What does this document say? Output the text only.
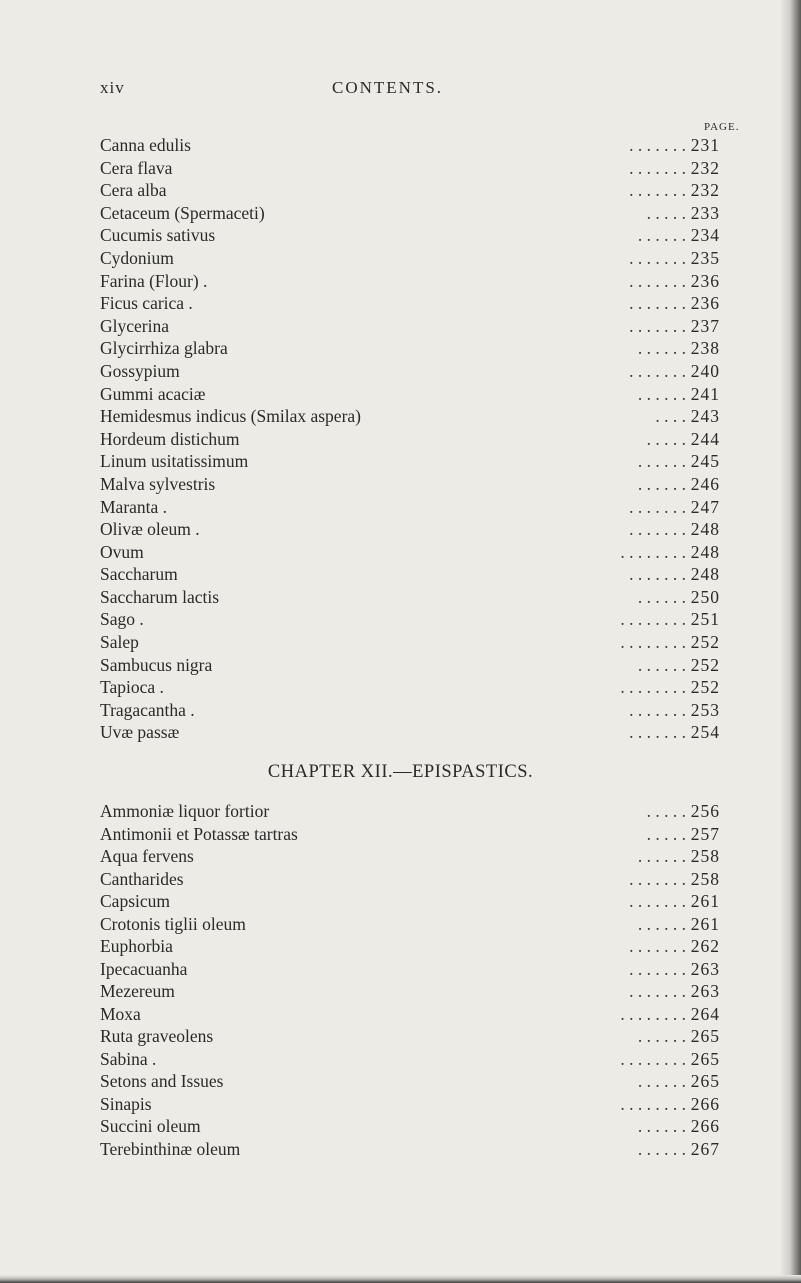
xiv	CONTENTS.
PAGE.
Canna edulis	. . . . . . . 231
Cera flava	. . . . . . . 232
Cera alba	. . . . . . . 232
Cetaceum (Spermaceti)	. . . . . 233
Cucumis sativus	. . . . . . 234
Cydonium	. . . . . . . 235
Farina (Flour) .	. . . . . . . 236
Ficus carica .	. . . . . . . 236
Glycerina	. . . . . . . 237
Glycirrhiza glabra	. . . . . . 238
Gossypium	. . . . . . . 240
Gummi acaciæ	. . . . . . 241
Hemidesmus indicus (Smilax aspera)	. . . . 243
Hordeum distichum	. . . . . 244
Linum usitatissimum	. . . . . . 245
Malva sylvestris	. . . . . . 246
Maranta .	. . . . . . . 247
Olivæ oleum .	. . . . . . . 248
Ovum	. . . . . . . . 248
Saccharum	. . . . . . . 248
Saccharum lactis	. . . . . . 250
Sago .	. . . . . . . . 251
Salep	. . . . . . . . 252
Sambucus nigra	. . . . . . 252
Tapioca .	. . . . . . . . 252
Tragacantha .	. . . . . . . 253
Uvæ passæ	. . . . . . . 254
CHAPTER XII.—EPISPASTICS.
Ammoniæ liquor fortior	. . . . . 256
Antimonii et Potassæ tartras	. . . . . 257
Aqua fervens	. . . . . . 258
Cantharides	. . . . . . . 258
Capsicum	. . . . . . . 261
Crotonis tiglii oleum	. . . . . . 261
Euphorbia	. . . . . . . 262
Ipecacuanha	. . . . . . . 263
Mezereum	. . . . . . . 263
Moxa	. . . . . . . . 264
Ruta graveolens	. . . . . . 265
Sabina .	. . . . . . . . 265
Setons and Issues	. . . . . . 265
Sinapis	. . . . . . . . 266
Succini oleum	. . . . . . 266
Terebinthinæ oleum	. . . . . . 267
